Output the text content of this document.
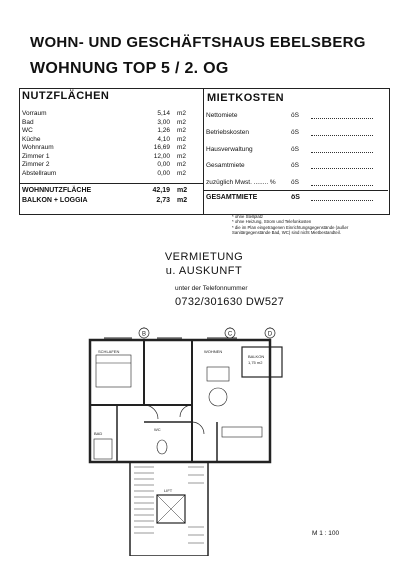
WOHN- UND GESCHÄFTSHAUS EBELSBERG
WOHNUNG TOP 5 / 2. OG
NUTZFLÄCHEN
Vorraum	5,14 m2
Bad	3,00 m2
WC	1,26 m2
Küche	4,10 m2
Wohnraum	16,69 m2
Zimmer 1	12,00 m2
Zimmer 2	0,00 m2
Abstellraum	0,00 m2
WOHNNUTZFLÄCHE	42,19 m2
BALKON + LOGGIA	2,73 m2
MIETKOSTEN
Nettomiete	öS
Betriebskosten	öS
Hausverwaltung	öS
Gesamtmiete	öS
zuzüglich Mwst. ........ % öS
GESAMTMIETE	öS
* ohne Stellplatz
* ohne Heizung, Strom und Telefonkosten
* die im Plan eingetragenen Einrichtungsgegenstände (außer Sanitärgegenstände Bad, WC) sind nicht Mietbestandteil.
VERMIETUNG
u. AUSKUNFT
unter der Telefonnummer
0732/301630 DW527
B	C	D
SCHLAFEN	WOHNEN
BALKON
1,75 m2
BAD
WC
LIFT
M 1 : 100
